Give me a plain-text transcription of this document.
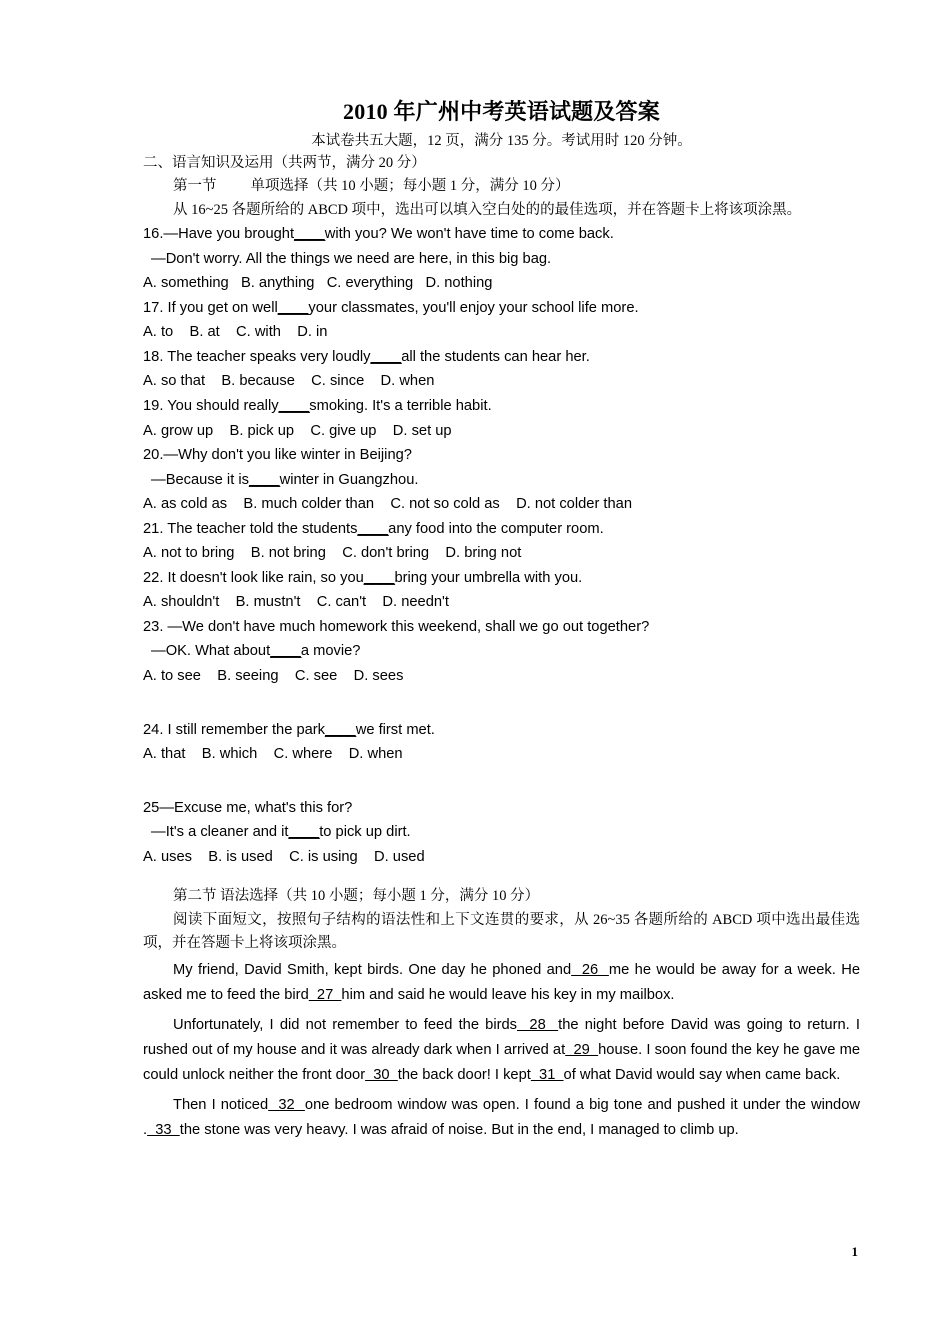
2010 年广州中考英语试题及答案
本试卷共五大题，12 页，满分 135 分。考试用时 120 分钟。
二、语言知识及运用（共两节，满分 20 分）
第一节 单项选择（共 10 小题；每小题 1 分，满分 10 分）
从 16~25 各题所给的 ABCD 项中，选出可以填入空白处的的最佳选项，并在答题卡上将该项涂黑。
16.—Have you brought____with you? We won't have time to come back.
—Don't worry. All the things we need are here, in this big bag.
A. something   B. anything   C. everything   D. nothing
17. If you get on well____your classmates, you'll enjoy your school life more.
A. to    B. at    C. with    D. in
18. The teacher speaks very loudly____all the students can hear her.
A. so that    B. because    C. since    D. when
19. You should really____smoking. It's a terrible habit.
A. grow up    B. pick up    C. give up    D. set up
20.—Why don't you like winter in Beijing?
—Because it is____winter in Guangzhou.
A. as cold as    B. much colder than    C. not so cold as    D. not colder than
21. The teacher told the students____any food into the computer room.
A. not to bring    B. not bring    C. don't bring    D. bring not
22. It doesn't look like rain, so you____bring your umbrella with you.
A. shouldn't    B. mustn't    C. can't    D. needn't
23. —We don't have much homework this weekend, shall we go out together?
—OK. What about____a movie?
A. to see    B. seeing    C. see    D. sees
24. I still remember the park____we first met.
A. that    B. which    C. where    D. when
25—Excuse me, what's this for?
—It's a cleaner and it____to pick up dirt.
A. uses    B. is used    C. is using    D. used
第二节 语法选择（共 10 小题；每小题 1 分，满分 10 分）
阅读下面短文，按照句子结构的语法性和上下文连贯的要求，从 26~35 各题所给的 ABCD 项中选出最佳选项，并在答题卡上将该项涂黑。
My friend, David Smith, kept birds. One day he phoned and  26  me he would be away for a week. He asked me to feed the bird  27  him and said he would leave his key in my mailbox.
Unfortunately, I did not remember to feed the birds  28  the night before David was going to return. I rushed out of my house and it was already dark when I arrived at  29  house. I soon found the key he gave me could unlock neither the front door  30  the back door! I kept  31  of what David would say when came back.
Then I noticed  32  one bedroom window was open. I found a big tone and pushed it under the window .  33  the stone was very heavy. I was afraid of noise. But in the end, I managed to climb up.
1
